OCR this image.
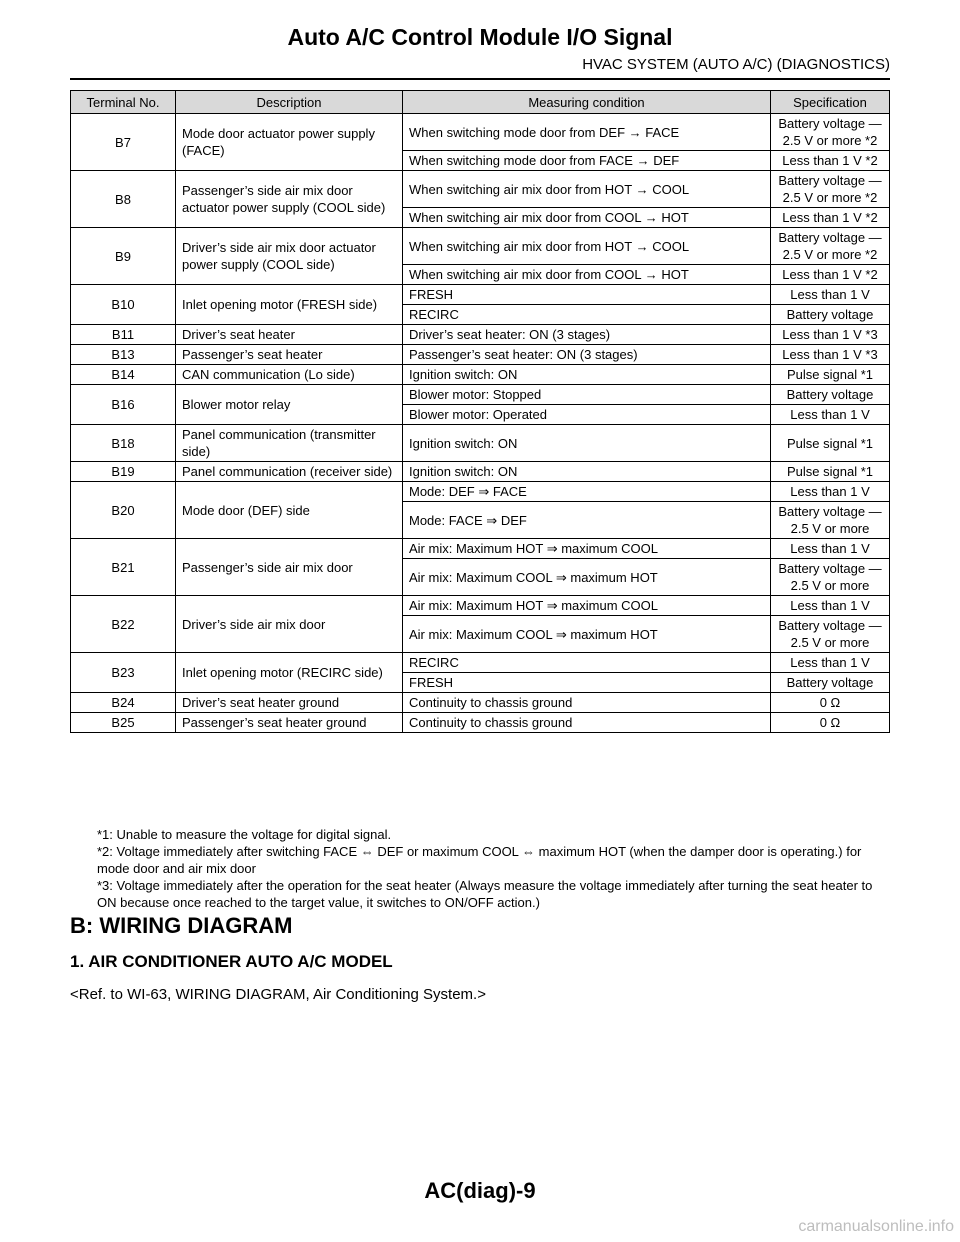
Auto A/C Control Module I/O Signal
HVAC SYSTEM (AUTO A/C) (DIAGNOSTICS)
Terminal No.	Description	Measuring condition	Specification
B7	Mode door actuator power supply (FACE)	When switching mode door from DEF → FACE	Battery voltage — 2.5 V or more *2
		When switching mode door from FACE → DEF	Less than 1 V *2
B8	Passenger’s side air mix door actuator power supply (COOL side)	When switching air mix door from HOT → COOL	Battery voltage — 2.5 V or more *2
		When switching air mix door from COOL → HOT	Less than 1 V *2
B9	Driver’s side air mix door actuator power supply (COOL side)	When switching air mix door from HOT → COOL	Battery voltage — 2.5 V or more *2
		When switching air mix door from COOL → HOT	Less than 1 V *2
B10	Inlet opening motor (FRESH side)	FRESH	Less than 1 V
		RECIRC	Battery voltage
B11	Driver’s seat heater	Driver’s seat heater: ON (3 stages)	Less than 1 V *3
B13	Passenger’s seat heater	Passenger’s seat heater: ON (3 stages)	Less than 1 V *3
B14	CAN communication (Lo side)	Ignition switch: ON	Pulse signal *1
B16	Blower motor relay	Blower motor: Stopped	Battery voltage
		Blower motor: Operated	Less than 1 V
B18	Panel communication (transmitter side)	Ignition switch: ON	Pulse signal *1
B19	Panel communication (receiver side)	Ignition switch: ON	Pulse signal *1
B20	Mode door (DEF) side	Mode: DEF ⇒ FACE	Less than 1 V
		Mode: FACE ⇒ DEF	Battery voltage — 2.5 V or more
B21	Passenger’s side air mix door	Air mix: Maximum HOT ⇒ maximum COOL	Less than 1 V
		Air mix: Maximum COOL ⇒ maximum HOT	Battery voltage — 2.5 V or more
B22	Driver’s side air mix door	Air mix: Maximum HOT ⇒ maximum COOL	Less than 1 V
		Air mix: Maximum COOL ⇒ maximum HOT	Battery voltage — 2.5 V or more
B23	Inlet opening motor (RECIRC side)	RECIRC	Less than 1 V
		FRESH	Battery voltage
B24	Driver’s seat heater ground	Continuity to chassis ground	0 Ω
B25	Passenger’s seat heater ground	Continuity to chassis ground	0 Ω

*1: Unable to measure the voltage for digital signal.

*2: Voltage immediately after switching FACE ⇔ DEF or maximum COOL ⇔ maximum HOT (when the damper door is operating.) for mode door and air mix door

*3: Voltage immediately after the operation for the seat heater (Always measure the voltage immediately after turning the seat heater to ON because once reached to the target value, it switches to ON/OFF action.)

B: WIRING DIAGRAM
1. AIR CONDITIONER AUTO A/C MODEL
<Ref. to WI-63, WIRING DIAGRAM, Air Conditioning System.>
AC(diag)-9
carmanualsonline.info
